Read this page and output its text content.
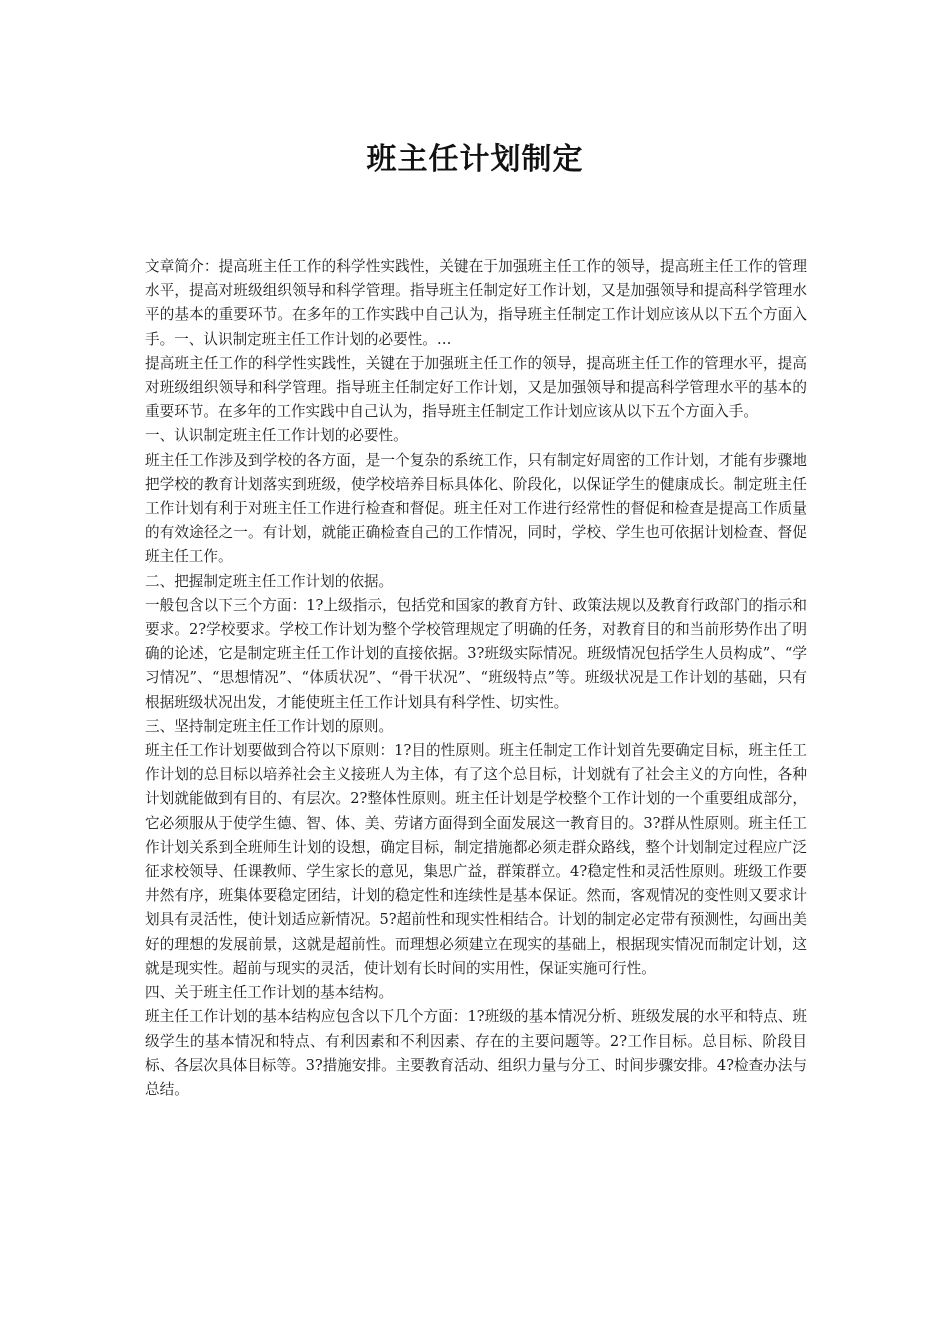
班主任计划制定

文章简介：提高班主任工作的科学性实践性，关键在于加强班主任工作的领导，提高班主任工作的管理水平，提高对班级组织领导和科学管理。指导班主任制定好工作计划，又是加强领导和提高科学管理水平的基本的重要环节。在多年的工作实践中自己认为，指导班主任制定工作计划应该从以下五个方面入手。一、认识制定班主任工作计划的必要性。…

提高班主任工作的科学性实践性，关键在于加强班主任工作的领导，提高班主任工作的管理水平，提高对班级组织领导和科学管理。指导班主任制定好工作计划，又是加强领导和提高科学管理水平的基本的重要环节。在多年的工作实践中自己认为，指导班主任制定工作计划应该从以下五个方面入手。

一、认识制定班主任工作计划的必要性。

班主任工作涉及到学校的各方面，是一个复杂的系统工作，只有制定好周密的工作计划，才能有步骤地把学校的教育计划落实到班级，使学校培养目标具体化、阶段化，以保证学生的健康成长。制定班主任工作计划有利于对班主任工作进行检查和督促。班主任对工作进行经常性的督促和检查是提高工作质量的有效途径之一。有计划，就能正确检查自己的工作情况，同时，学校、学生也可依据计划检查、督促班主任工作。

二、把握制定班主任工作计划的依据。

一般包含以下三个方面：1?上级指示，包括党和国家的教育方针、政策法规以及教育行政部门的指示和要求。2?学校要求。学校工作计划为整个学校管理规定了明确的任务，对教育目的和当前形势作出了明确的论述，它是制定班主任工作计划的直接依据。3?班级实际情况。班级情况包括学生人员构成”、“学习情况”、“思想情况”、“体质状况”、“骨干状况”、“班级特点”等。班级状况是工作计划的基础，只有根据班级状况出发，才能使班主任工作计划具有科学性、切实性。

三、坚持制定班主任工作计划的原则。

班主任工作计划要做到合符以下原则：1?目的性原则。班主任制定工作计划首先要确定目标，班主任工作计划的总目标以培养社会主义接班人为主体，有了这个总目标，计划就有了社会主义的方向性，各种计划就能做到有目的、有层次。2?整体性原则。班主任计划是学校整个工作计划的一个重要组成部分，它必须服从于使学生德、智、体、美、劳诸方面得到全面发展这一教育目的。3?群从性原则。班主任工作计划关系到全班师生计划的设想，确定目标，制定措施都必须走群众路线，整个计划制定过程应广泛征求校领导、任课教师、学生家长的意见，集思广益，群策群立。4?稳定性和灵活性原则。班级工作要井然有序，班集体要稳定团结，计划的稳定性和连续性是基本保证。然而，客观情况的变性则又要求计划具有灵活性，使计划适应新情况。5?超前性和现实性相结合。计划的制定必定带有预测性，勾画出美好的理想的发展前景，这就是超前性。而理想必须建立在现实的基础上，根据现实情况而制定计划，这就是现实性。超前与现实的灵活，使计划有长时间的实用性，保证实施可行性。

四、关于班主任工作计划的基本结构。

班主任工作计划的基本结构应包含以下几个方面：1?班级的基本情况分析、班级发展的水平和特点、班级学生的基本情况和特点、有利因素和不利因素、存在的主要问题等。2?工作目标。总目标、阶段目标、各层次具体目标等。3?措施安排。主要教育活动、组织力量与分工、时间步骤安排。4?检查办法与总结。
